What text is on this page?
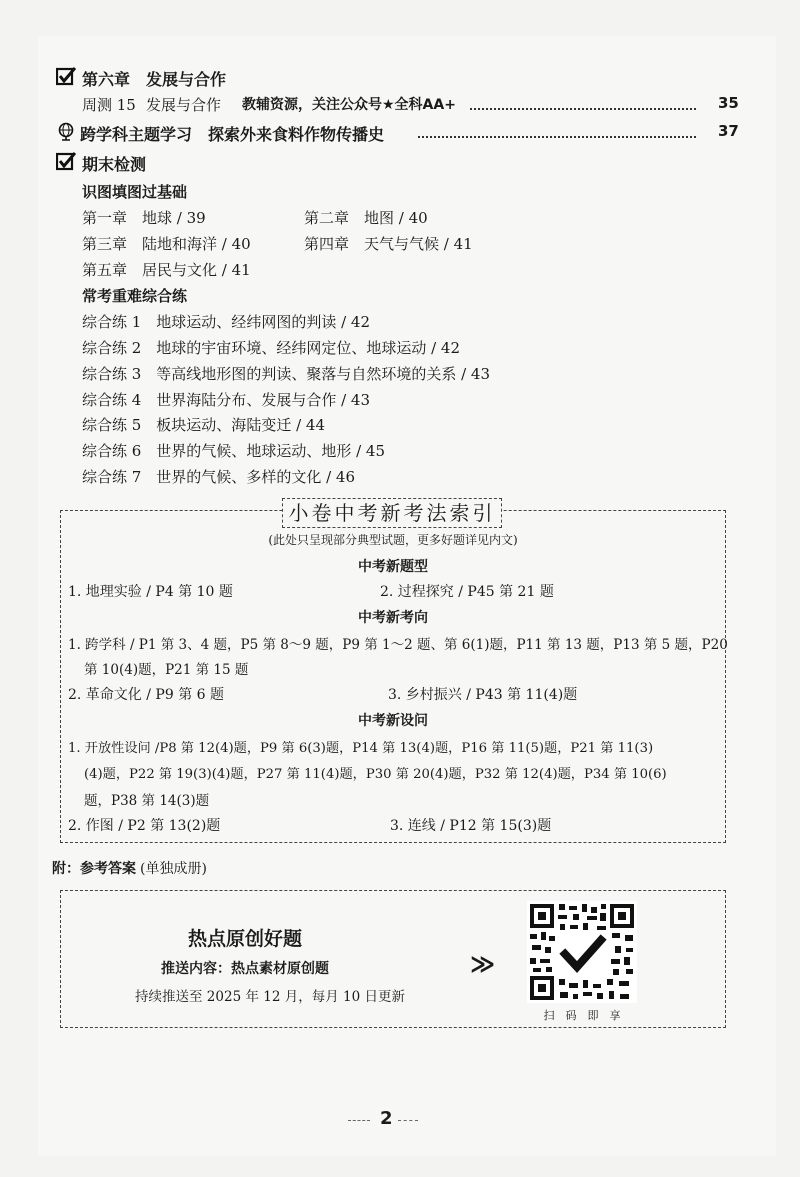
第六章　发展与合作
周测 15 发展与合作 教辅资源，关注公众号★全科AA+	35
跨学科主题学习　探索外来食料作物传播史	37
期末检测
识图填图过基础
第一章　地球 / 39	第二章　地图 / 40
第三章　陆地和海洋 / 40	第四章　天气与气候 / 41
第五章　居民与文化 / 41
常考重难综合练
综合练 1　地球运动、经纬网图的判读 / 42
综合练 2　地球的宇宙环境、经纬网定位、地球运动 / 42
综合练 3　等高线地形图的判读、聚落与自然环境的关系 / 43
综合练 4　世界海陆分布、发展与合作 / 43
综合练 5　板块运动、海陆变迁 / 44
综合练 6　世界的气候、地球运动、地形 / 45
综合练 7　世界的气候、多样的文化 / 46
小卷中考新考法索引
(此处只呈现部分典型试题，更多好题详见内文)
中考新题型
1. 地理实验 / P4 第 10 题	2. 过程探究 / P45 第 21 题
中考新考向
1. 跨学科 / P1 第 3、4 题，P5 第 8～9 题，P9 第 1～2 题、第 6(1)题，P11 第 13 题，P13 第 5 题，P20
第 10(4)题，P21 第 15 题
2. 革命文化 / P9 第 6 题	3. 乡村振兴 / P43 第 11(4)题
中考新设问
1. 开放性设问 /P8 第 12(4)题，P9 第 6(3)题，P14 第 13(4)题，P16 第 11(5)题，P21 第 11(3)
(4)题，P22 第 19(3)(4)题，P27 第 11(4)题，P30 第 20(4)题，P32 第 12(4)题，P34 第 10(6)
题，P38 第 14(3)题
2. 作图 / P2 第 13(2)题	3. 连线 / P12 第 15(3)题
附：参考答案 (单独成册)
热点原创好题
推送内容：热点素材原创题
持续推送至 2025 年 12 月，每月 10 日更新
≫
扫　码　即　享
2
